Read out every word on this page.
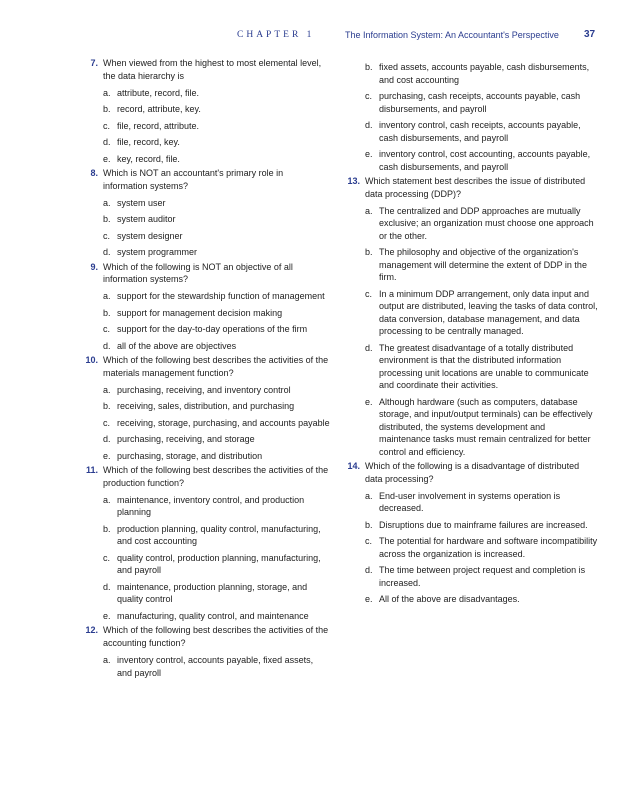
CHAPTER 1	The Information System: An Accountant's Perspective	37
7. When viewed from the highest to most elemental level, the data hierarchy is
a. attribute, record, file.
b. record, attribute, key.
c. file, record, attribute.
d. file, record, key.
e. key, record, file.
8. Which is NOT an accountant's primary role in information systems?
a. system user
b. system auditor
c. system designer
d. system programmer
9. Which of the following is NOT an objective of all information systems?
a. support for the stewardship function of management
b. support for management decision making
c. support for the day-to-day operations of the firm
d. all of the above are objectives
10. Which of the following best describes the activities of the materials management function?
a. purchasing, receiving, and inventory control
b. receiving, sales, distribution, and purchasing
c. receiving, storage, purchasing, and accounts payable
d. purchasing, receiving, and storage
e. purchasing, storage, and distribution
11. Which of the following best describes the activities of the production function?
a. maintenance, inventory control, and production planning
b. production planning, quality control, manufacturing, and cost accounting
c. quality control, production planning, manufacturing, and payroll
d. maintenance, production planning, storage, and quality control
e. manufacturing, quality control, and maintenance
12. Which of the following best describes the activities of the accounting function?
a. inventory control, accounts payable, fixed assets, and payroll
b. fixed assets, accounts payable, cash disbursements, and cost accounting
c. purchasing, cash receipts, accounts payable, cash disbursements, and payroll
d. inventory control, cash receipts, accounts payable, cash disbursements, and payroll
e. inventory control, cost accounting, accounts payable, cash disbursements, and payroll
13. Which statement best describes the issue of distributed data processing (DDP)?
a. The centralized and DDP approaches are mutually exclusive; an organization must choose one approach or the other.
b. The philosophy and objective of the organization's management will determine the extent of DDP in the firm.
c. In a minimum DDP arrangement, only data input and output are distributed, leaving the tasks of data control, data conversion, database management, and data processing to be centrally managed.
d. The greatest disadvantage of a totally distributed environment is that the distributed information processing unit locations are unable to communicate and coordinate their activities.
e. Although hardware (such as computers, database storage, and input/output terminals) can be effectively distributed, the systems development and maintenance tasks must remain centralized for better control and efficiency.
14. Which of the following is a disadvantage of distributed data processing?
a. End-user involvement in systems operation is decreased.
b. Disruptions due to mainframe failures are increased.
c. The potential for hardware and software incompatibility across the organization is increased.
d. The time between project request and completion is increased.
e. All of the above are disadvantages.
